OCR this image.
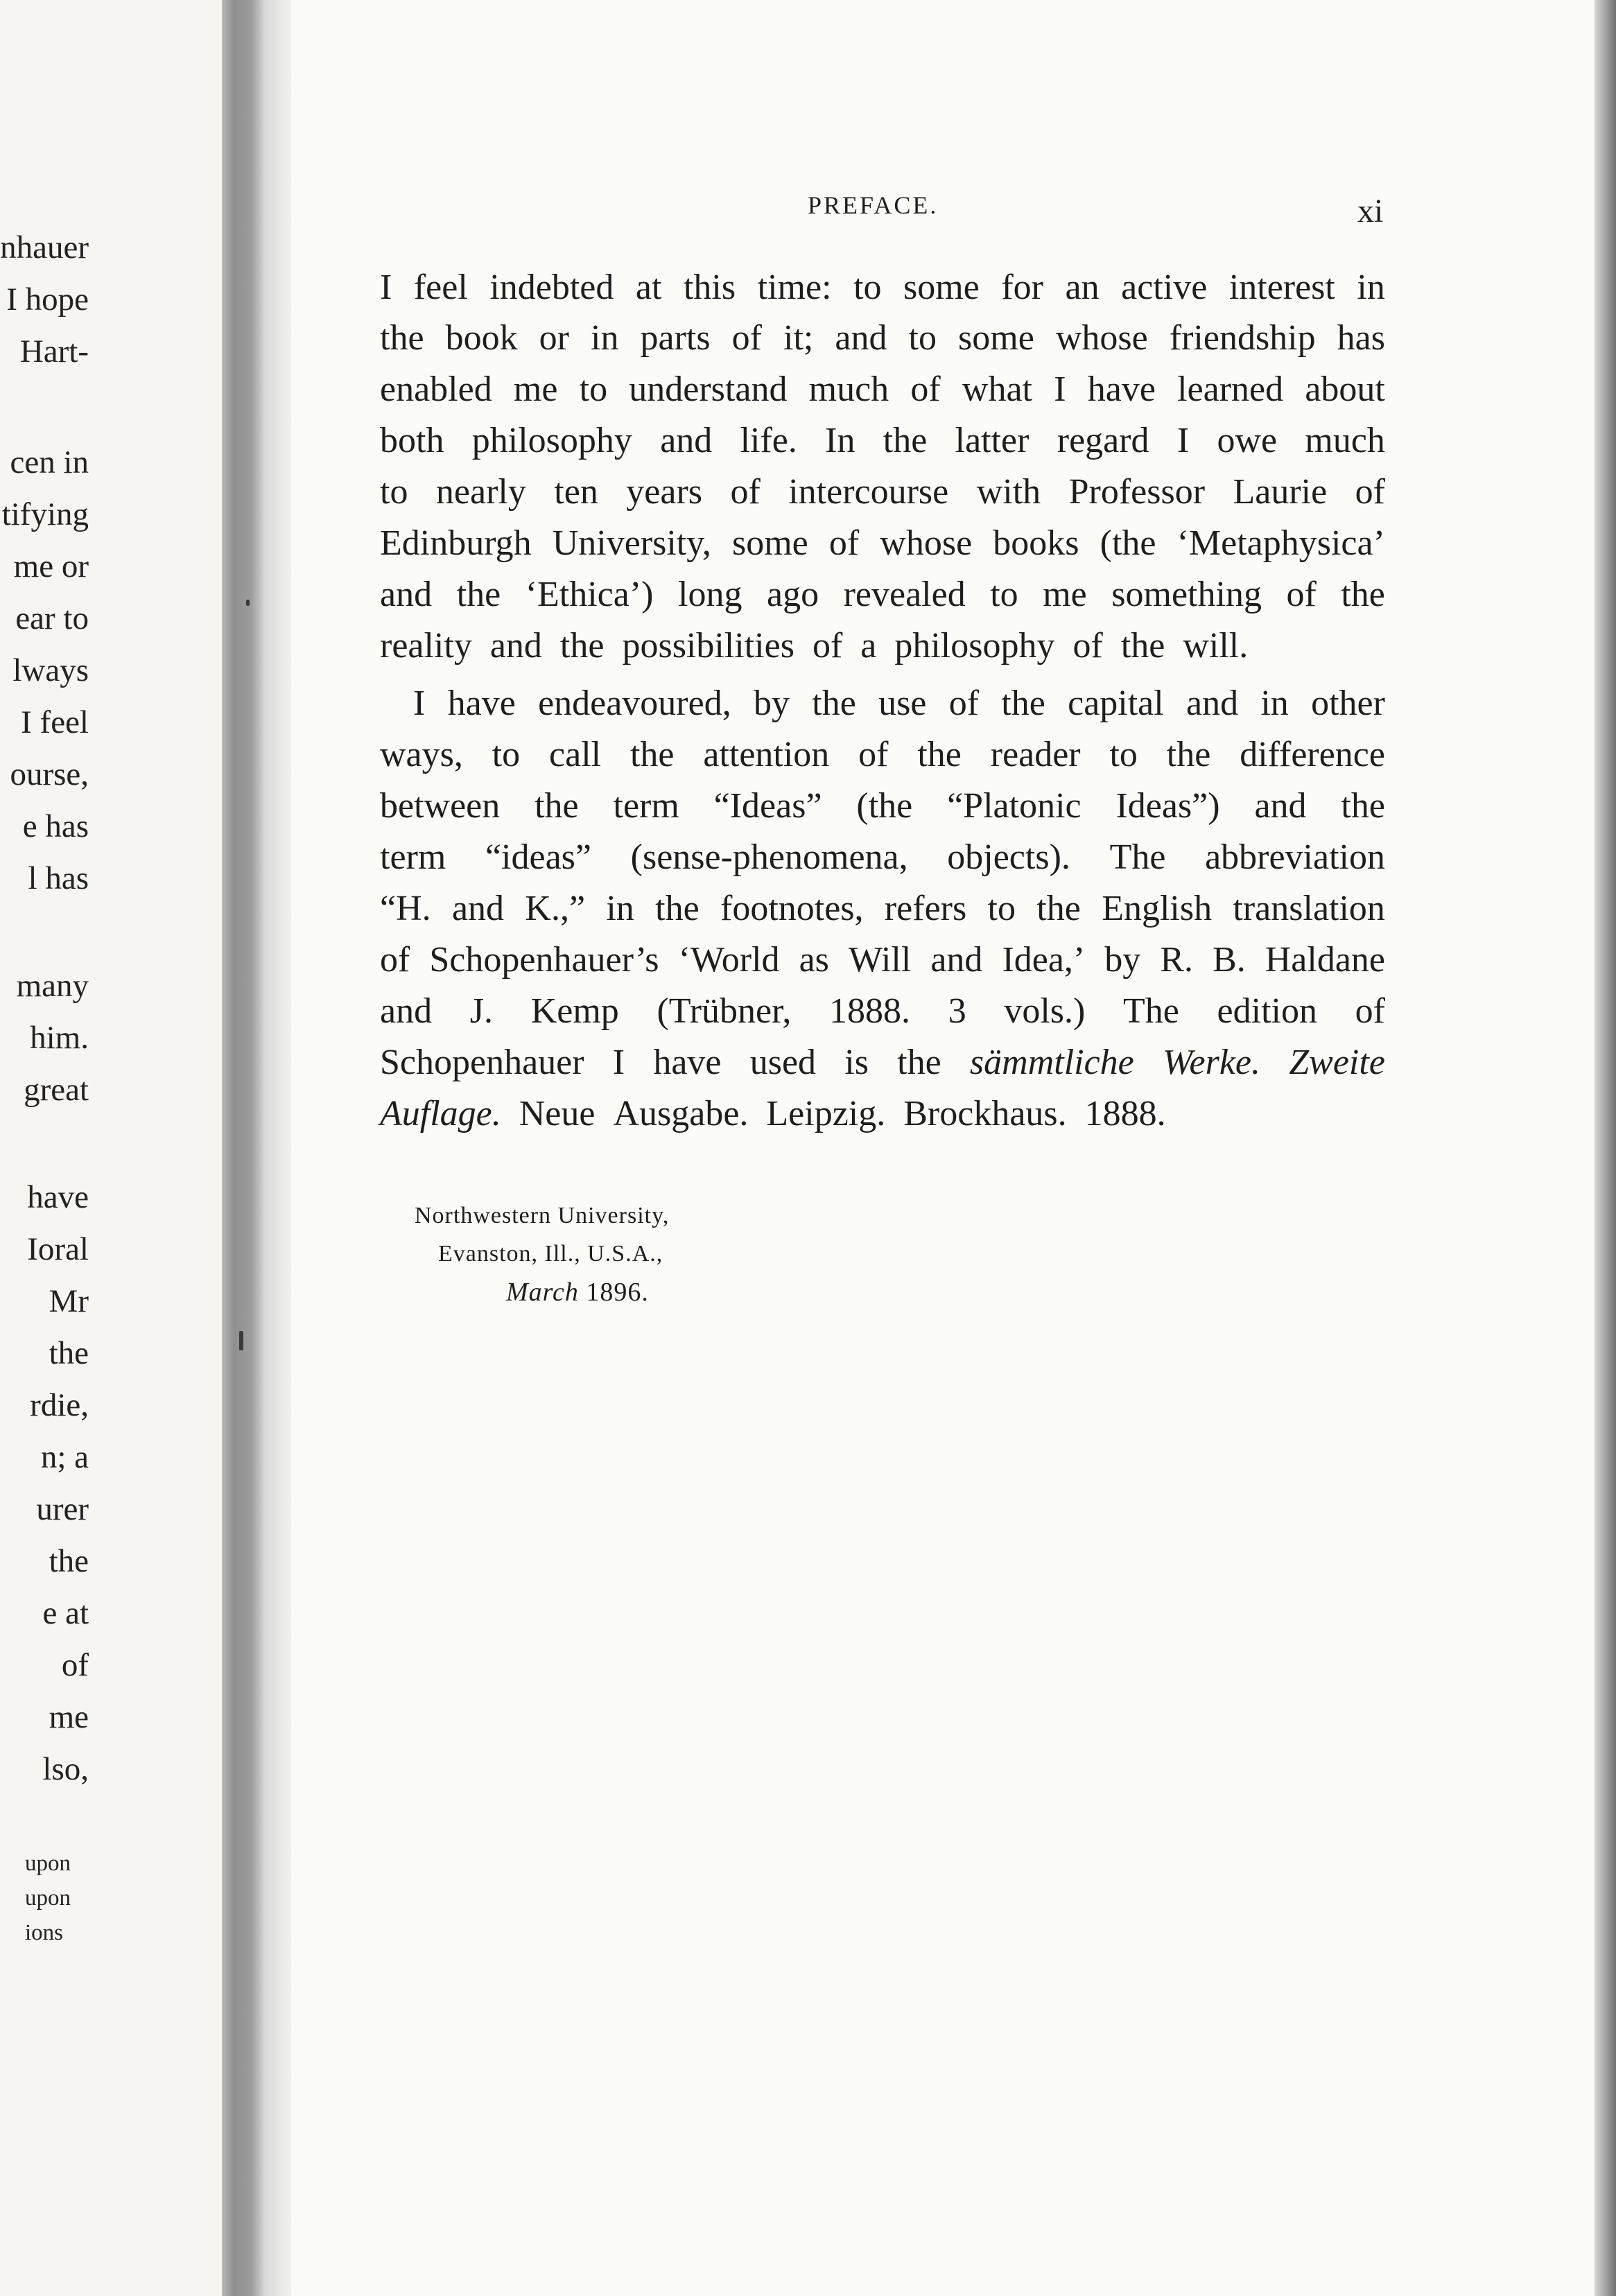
nhauer
I hope
Hart-
cen in
tifying
me or
ear to
lways
I feel
ourse,
e has
l has
many
him.
great
have
Ioral
Mr
the
rdie,
n; a
urer
the
e at
of
me
lso,
upon
upon
ions
PREFACE.	xi
I feel indebted at this time: to some for an active interest in
the book or in parts of it; and to some whose friendship has
enabled me to understand much of what I have learned about
both philosophy and life. In the latter regard I owe much
to nearly ten years of intercourse with Professor Laurie of
Edinburgh University, some of whose books (the ‘Metaphysica’
and the ‘Ethica’) long ago revealed to me something of the
reality and the possibilities of a philosophy of the will.
I have endeavoured, by the use of the capital and in other
ways, to call the attention of the reader to the difference
between the term “Ideas” (the “Platonic Ideas”) and the
term “ideas” (sense-phenomena, objects). The abbreviation
“H. and K.,” in the footnotes, refers to the English translation
of Schopenhauer’s ‘World as Will and Idea,’ by R. B. Haldane
and J. Kemp (Trübner, 1888. 3 vols.) The edition of
Schopenhauer I have used is the sämmtliche Werke. Zweite
Auflage. Neue Ausgabe. Leipzig. Brockhaus. 1888.
Northwestern University,
Evanston, Ill., U.S.A.,
March 1896.
